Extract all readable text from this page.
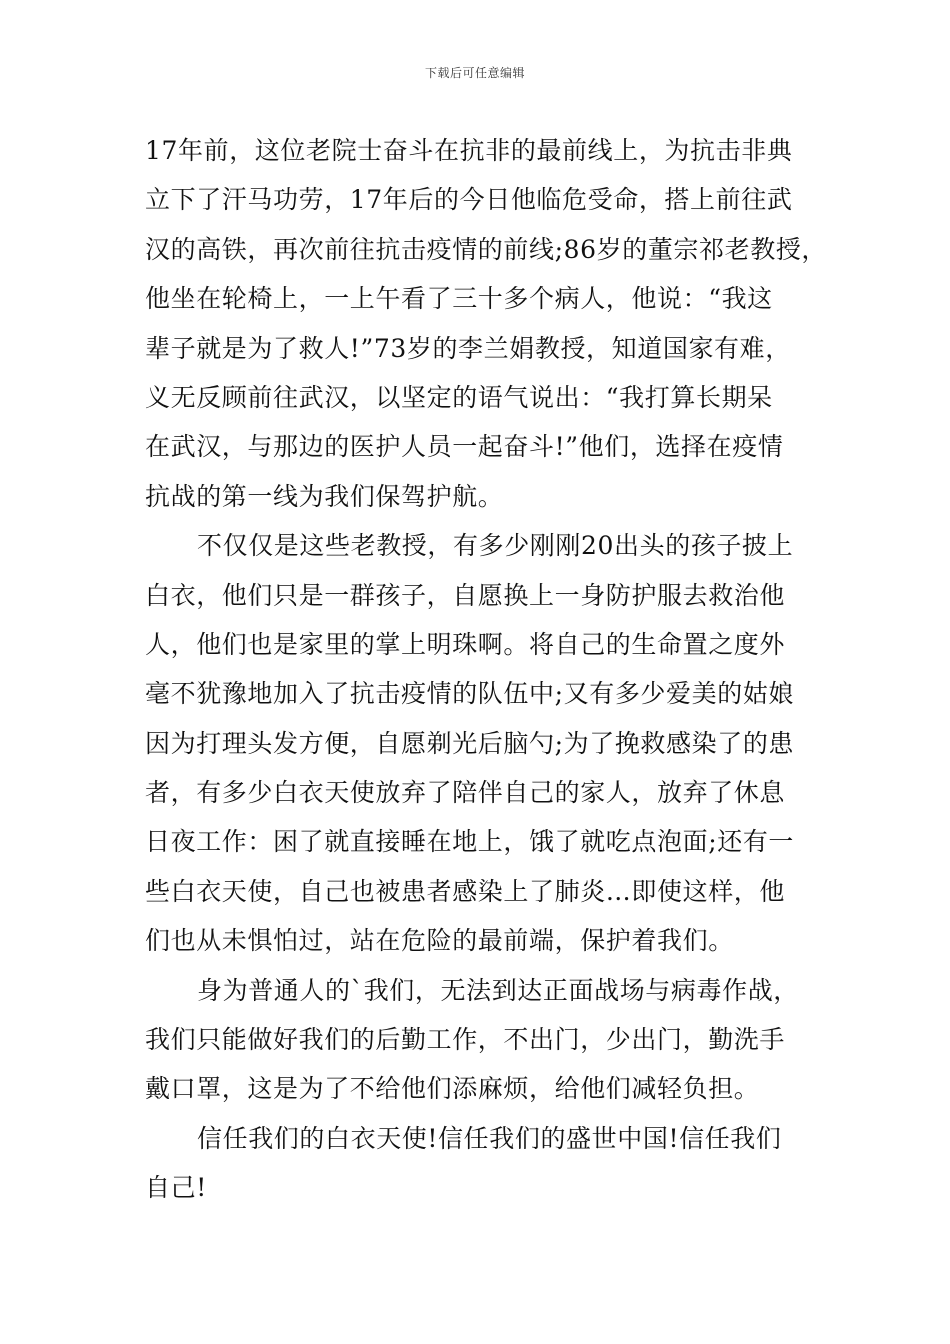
下载后可任意编辑
17年前，这位老院士奋斗在抗非的最前线上，为抗击非典
立下了汗马功劳，17年后的今日他临危受命，搭上前往武
汉的高铁，再次前往抗击疫情的前线;86岁的董宗祁老教授，
他坐在轮椅上，一上午看了三十多个病人，他说：“我这
辈子就是为了救人!”73岁的李兰娟教授，知道国家有难，
义无反顾前往武汉，以坚定的语气说出：“我打算长期呆
在武汉，与那边的医护人员一起奋斗!”他们，选择在疫情
抗战的第一线为我们保驾护航。
不仅仅是这些老教授，有多少刚刚20出头的孩子披上
白衣，他们只是一群孩子，自愿换上一身防护服去救治他
人，他们也是家里的掌上明珠啊。将自己的生命置之度外
毫不犹豫地加入了抗击疫情的队伍中;又有多少爱美的姑娘
因为打理头发方便，自愿剃光后脑勺;为了挽救感染了的患
者，有多少白衣天使放弃了陪伴自己的家人，放弃了休息
日夜工作：困了就直接睡在地上，饿了就吃点泡面;还有一
些白衣天使，自己也被患者感染上了肺炎…即使这样，他
们也从未惧怕过，站在危险的最前端，保护着我们。
身为普通人的`我们，无法到达正面战场与病毒作战，
我们只能做好我们的后勤工作，不出门，少出门，勤洗手
戴口罩，这是为了不给他们添麻烦，给他们减轻负担。
信任我们的白衣天使!信任我们的盛世中国!信任我们
自己!
